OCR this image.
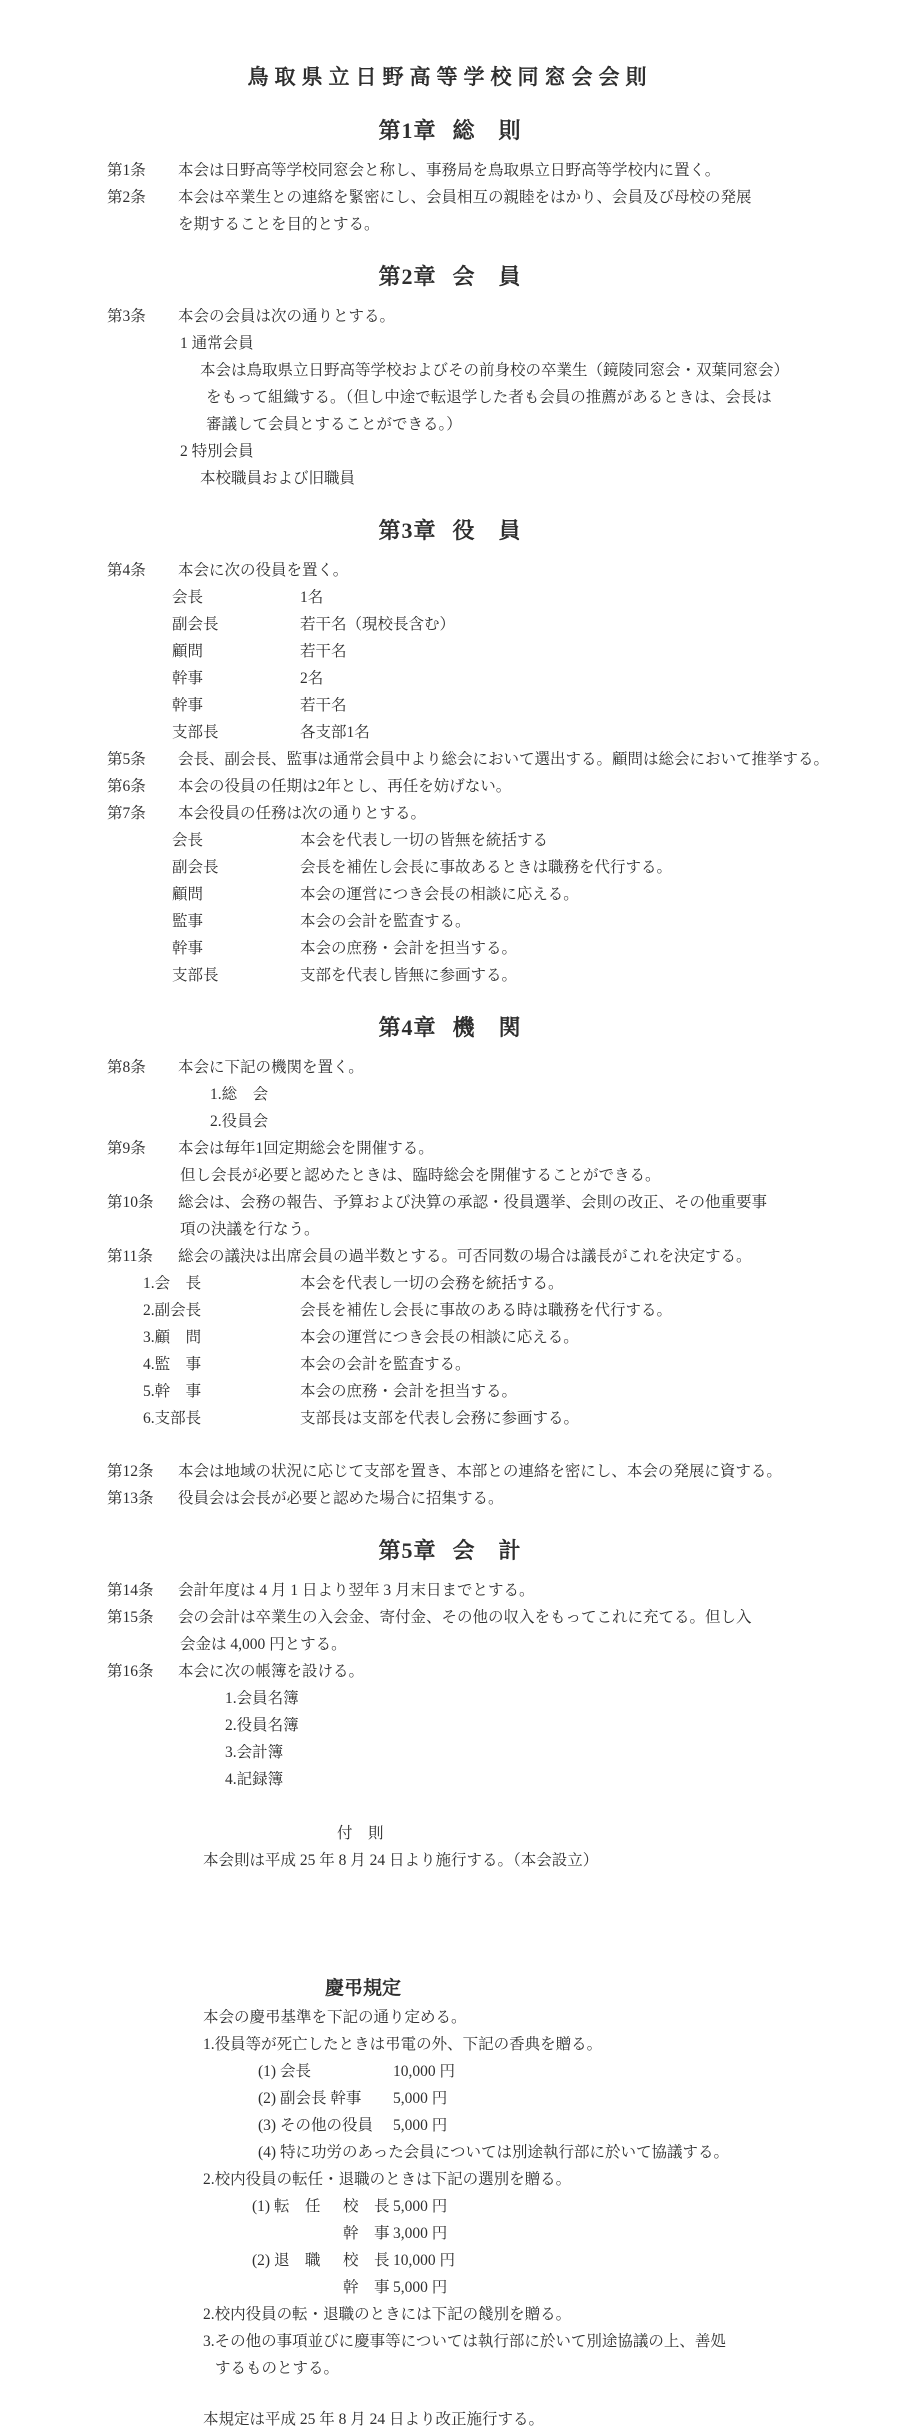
鳥取県立日野高等学校同窓会会則
第1章 総　則
第1条	本会は日野高等学校同窓会と称し、事務局を鳥取県立日野高等学校内に置く。
第2条	本会は卒業生との連絡を緊密にし、会員相互の親睦をはかり、会員及び母校の発展
を期することを目的とする。
第2章 会　員
第3条	本会の会員は次の通りとする。
1 通常会員
本会は鳥取県立日野高等学校およびその前身校の卒業生（鏡陵同窓会・双葉同窓会）
をもって組織する。（但し中途で転退学した者も会員の推薦があるときは、会長は
審議して会員とすることができる。）
2 特別会員
本校職員および旧職員
第3章 役　員
第4条	本会に次の役員を置く。
会長	1名
副会長	若干名（現校長含む）
顧問	若干名
幹事	2名
幹事	若干名
支部長	各支部1名
第5条	会長、副会長、監事は通常会員中より総会において選出する。顧問は総会において推挙する。
第6条	本会の役員の任期は2年とし、再任を妨げない。
第7条	本会役員の任務は次の通りとする。
会長	本会を代表し一切の皆無を統括する
副会長	会長を補佐し会長に事故あるときは職務を代行する。
顧問	本会の運営につき会長の相談に応える。
監事	本会の会計を監査する。
幹事	本会の庶務・会計を担当する。
支部長	支部を代表し皆無に参画する。
第4章 機　関
第8条	本会に下記の機関を置く。
1.総　会
2.役員会
第9条	本会は毎年1回定期総会を開催する。
但し会長が必要と認めたときは、臨時総会を開催することができる。
第10条	総会は、会務の報告、予算および決算の承認・役員選挙、会則の改正、その他重要事
項の決議を行なう。
第11条	総会の議決は出席会員の過半数とする。可否同数の場合は議長がこれを決定する。
1.会　長	本会を代表し一切の会務を統括する。
2.副会長	会長を補佐し会長に事故のある時は職務を代行する。
3.顧　問	本会の運営につき会長の相談に応える。
4.監　事	本会の会計を監査する。
5.幹　事	本会の庶務・会計を担当する。
6.支部長	支部長は支部を代表し会務に参画する。
第12条	本会は地域の状況に応じて支部を置き、本部との連絡を密にし、本会の発展に資する。
第13条	役員会は会長が必要と認めた場合に招集する。
第5章 会　計
第14条	会計年度は 4 月 1 日より翌年 3 月末日までとする。
第15条	会の会計は卒業生の入会金、寄付金、その他の収入をもってこれに充てる。但し入
会金は 4,000 円とする。
第16条	本会に次の帳簿を設ける。
1.会員名簿
2.役員名簿
3.会計簿
4.記録簿
付　則
本会則は平成 25 年 8 月 24 日より施行する。（本会設立）
慶弔規定
本会の慶弔基準を下記の通り定める。
1.役員等が死亡したときは弔電の外、下記の香典を贈る。
(1) 会長	10,000 円
(2) 副会長 幹事	5,000 円
(3) その他の役員	5,000 円
(4) 特に功労のあった会員については別途執行部に於いて協議する。
2.校内役員の転任・退職のときは下記の選別を贈る。
(1) 転　任	校　長 5,000 円
幹　事 3,000 円
(2) 退　職	校　長 10,000 円
幹　事 5,000 円
2.校内役員の転・退職のときには下記の餞別を贈る。
3.その他の事項並びに慶事等については執行部に於いて別途協議の上、善処
するものとする。
本規定は平成 25 年 8 月 24 日より改正施行する。
